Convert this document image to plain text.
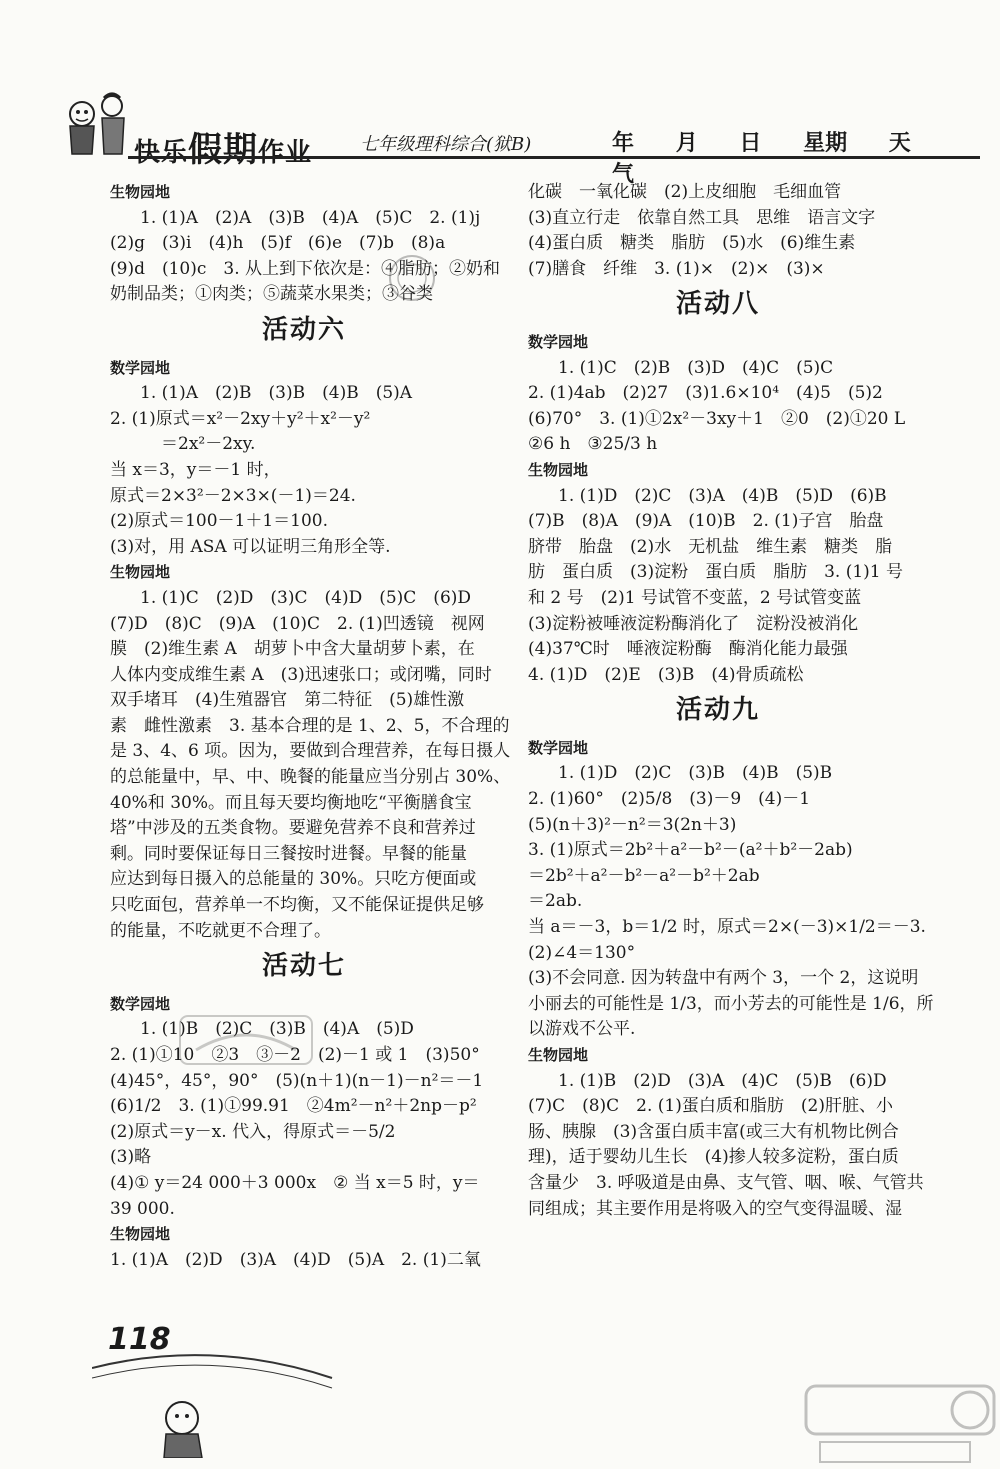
快乐假期作业	七年级理科综合(狱B)	年 月 日 星期 天气
生物园地
1. (1)A　(2)A　(3)B　(4)A　(5)C　2. (1)j
(2)g　(3)i　(4)h　(5)f　(6)e　(7)b　(8)a
(9)d　(10)c　3. 从上到下依次是：④脂肪；②奶和
奶制品类；①肉类；⑤蔬菜水果类；③谷类
活动六
数学园地
1. (1)A　(2)B　(3)B　(4)B　(5)A
2. (1)原式＝x²－2xy＋y²＋x²－y²
　　　＝2x²－2xy.
当 x＝3，y＝－1 时，
原式＝2×3²－2×3×(－1)＝24.
(2)原式＝100－1＋1＝100.
(3)对，用 ASA 可以证明三角形全等.
生物园地
1. (1)C　(2)D　(3)C　(4)D　(5)C　(6)D
(7)D　(8)C　(9)A　(10)C　2. (1)凹透镜　视网
膜　(2)维生素 A　胡萝卜中含大量胡萝卜素，在
人体内变成维生素 A　(3)迅速张口；或闭嘴，同时
双手堵耳　(4)生殖器官　第二特征　(5)雄性激
素　雌性激素　3. 基本合理的是 1、2、5，不合理的
是 3、4、6 项。因为，要做到合理营养，在每日摄人
的总能量中，早、中、晚餐的能量应当分别占 30%、
40%和 30%。而且每天要均衡地吃“平衡膳食宝
塔”中涉及的五类食物。要避免营养不良和营养过
剩。同时要保证每日三餐按时进餐。早餐的能量
应达到每日摄入的总能量的 30%。只吃方便面或
只吃面包，营养单一不均衡，又不能保证提供足够
的能量，不吃就更不合理了。
活动七
数学园地
1. (1)B　(2)C　(3)B　(4)A　(5)D
2. (1)①10　②3　③－2　(2)－1 或 1　(3)50°
(4)45°，45°，90°　(5)(n＋1)(n－1)－n²＝－1
(6)1/2　3. (1)①99.91　②4m²－n²＋2np－p²
(2)原式＝y－x. 代入，得原式＝－5/2
(3)略
(4)① y＝24 000＋3 000x　② 当 x＝5 时，y＝
39 000.
生物园地
1. (1)A　(2)D　(3)A　(4)D　(5)A　2. (1)二氧
化碳　一氧化碳　(2)上皮细胞　毛细血管
(3)直立行走　依靠自然工具　思维　语言文字
(4)蛋白质　糖类　脂肪　(5)水　(6)维生素
(7)膳食　纤维　3. (1)×　(2)×　(3)×
活动八
数学园地
1. (1)C　(2)B　(3)D　(4)C　(5)C
2. (1)4ab　(2)27　(3)1.6×10⁴　(4)5　(5)2
(6)70°　3. (1)①2x²－3xy＋1　②0　(2)①20 L
②6 h　③25/3 h
生物园地
1. (1)D　(2)C　(3)A　(4)B　(5)D　(6)B
(7)B　(8)A　(9)A　(10)B　2. (1)子宫　胎盘
脐带　胎盘　(2)水　无机盐　维生素　糖类　脂
肪　蛋白质　(3)淀粉　蛋白质　脂肪　3. (1)1 号
和 2 号　(2)1 号试管不变蓝，2 号试管变蓝
(3)淀粉被唾液淀粉酶消化了　淀粉没被消化
(4)37℃时　唾液淀粉酶　酶消化能力最强
4. (1)D　(2)E　(3)B　(4)骨质疏松
活动九
数学园地
1. (1)D　(2)C　(3)B　(4)B　(5)B
2. (1)60°　(2)5/8　(3)－9　(4)－1
(5)(n＋3)²－n²＝3(2n＋3)
3. (1)原式＝2b²＋a²－b²－(a²＋b²－2ab)
＝2b²＋a²－b²－a²－b²＋2ab
＝2ab.
当 a＝－3，b＝1/2 时，原式＝2×(－3)×1/2＝－3.
(2)∠4＝130°
(3)不会同意. 因为转盘中有两个 3，一个 2，这说明
小丽去的可能性是 1/3，而小芳去的可能性是 1/6，所
以游戏不公平.
生物园地
1. (1)B　(2)D　(3)A　(4)C　(5)B　(6)D
(7)C　(8)C　2. (1)蛋白质和脂肪　(2)肝脏、小
肠、胰腺　(3)含蛋白质丰富(或三大有机物比例合
理)，适于婴幼儿生长　(4)掺人较多淀粉，蛋白质
含量少　3. 呼吸道是由鼻、支气管、咽、喉、气管共
同组成；其主要作用是将吸入的空气变得温暖、湿
118
